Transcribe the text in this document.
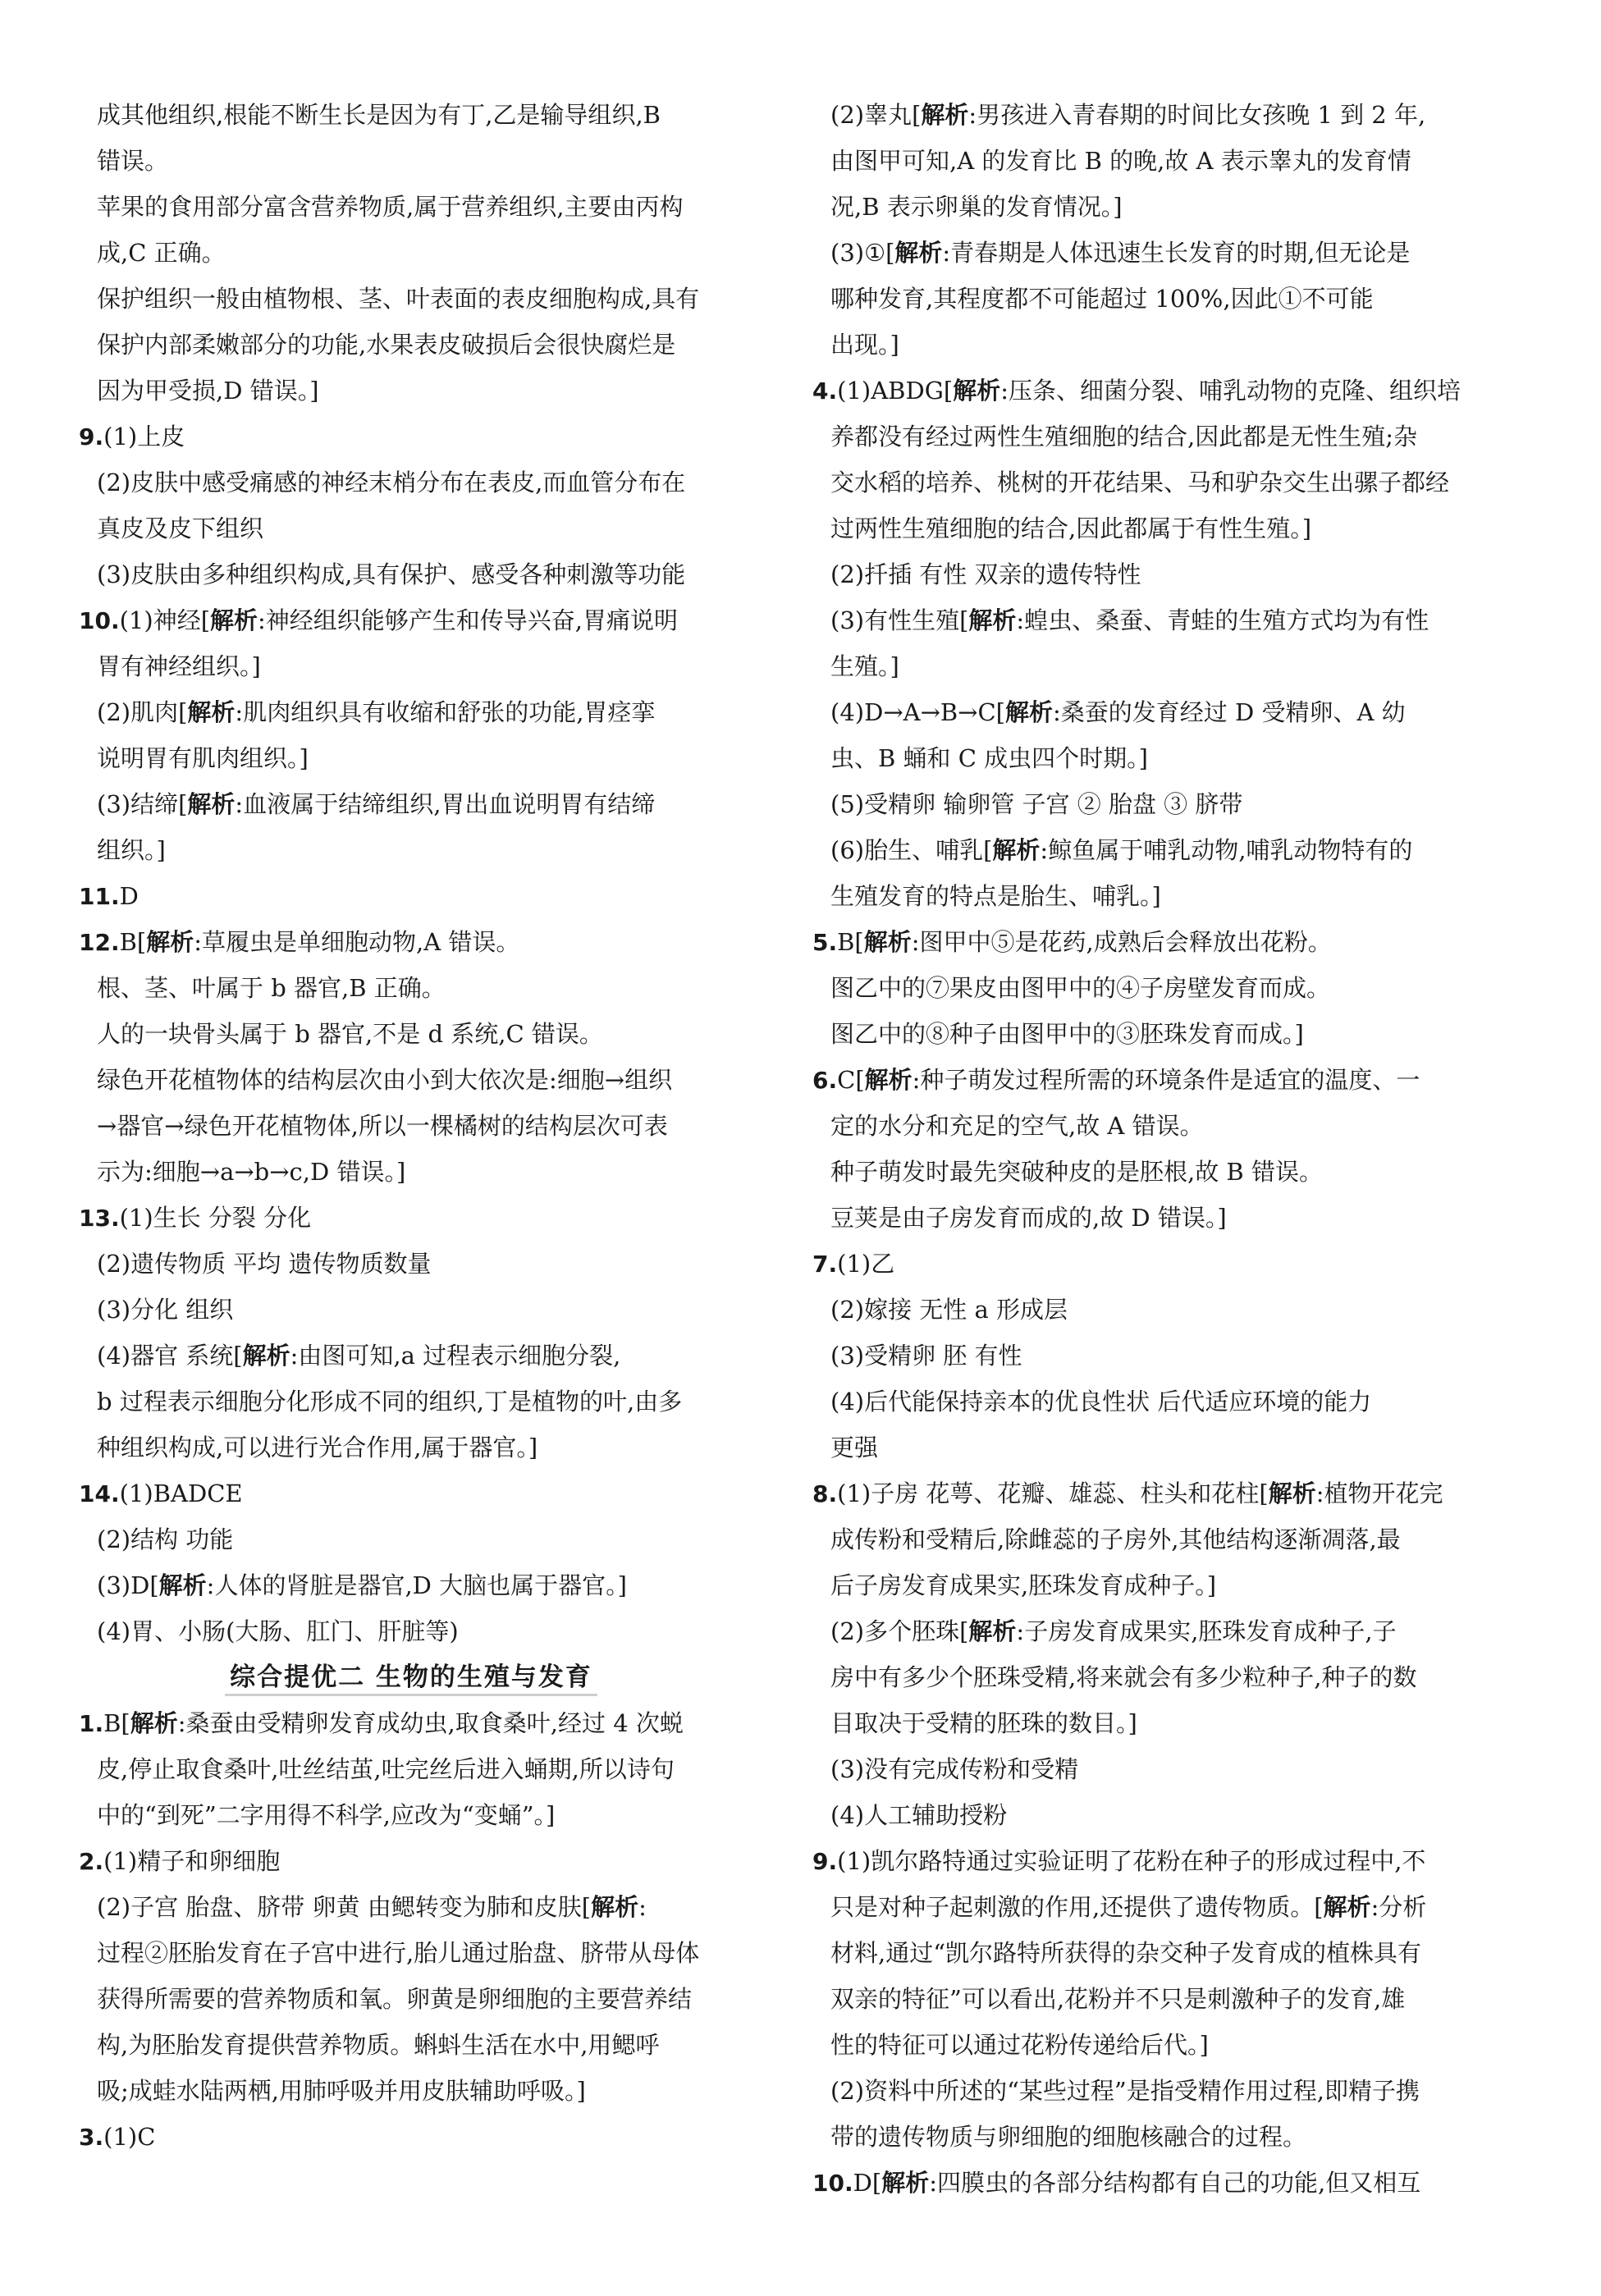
成其他组织,根能不断生长是因为有丁,乙是输导组织,B
错误。
苹果的食用部分富含营养物质,属于营养组织,主要由丙构
成,C 正确。
保护组织一般由植物根、茎、叶表面的表皮细胞构成,具有
保护内部柔嫩部分的功能,水果表皮破损后会很快腐烂是
因为甲受损,D 错误。]
9.(1)上皮
(2)皮肤中感受痛感的神经末梢分布在表皮,而血管分布在
真皮及皮下组织
(3)皮肤由多种组织构成,具有保护、感受各种刺激等功能
10.(1)神经[解析:神经组织能够产生和传导兴奋,胃痛说明
胃有神经组织。]
(2)肌肉[解析:肌肉组织具有收缩和舒张的功能,胃痉挛
说明胃有肌肉组织。]
(3)结缔[解析:血液属于结缔组织,胃出血说明胃有结缔
组织。]
11.D
12.B[解析:草履虫是单细胞动物,A 错误。
根、茎、叶属于 b 器官,B 正确。
人的一块骨头属于 b 器官,不是 d 系统,C 错误。
绿色开花植物体的结构层次由小到大依次是:细胞→组织
→器官→绿色开花植物体,所以一棵橘树的结构层次可表
示为:细胞→a→b→c,D 错误。]
13.(1)生长 分裂 分化
(2)遗传物质 平均 遗传物质数量
(3)分化 组织
(4)器官 系统[解析:由图可知,a 过程表示细胞分裂,
b 过程表示细胞分化形成不同的组织,丁是植物的叶,由多
种组织构成,可以进行光合作用,属于器官。]
14.(1)BADCE
(2)结构 功能
(3)D[解析:人体的肾脏是器官,D 大脑也属于器官。]
(4)胃、小肠(大肠、肛门、肝脏等)
综合提优二 生物的生殖与发育
1.B[解析:桑蚕由受精卵发育成幼虫,取食桑叶,经过 4 次蜕
皮,停止取食桑叶,吐丝结茧,吐完丝后进入蛹期,所以诗句
中的“到死”二字用得不科学,应改为“变蛹”。]
2.(1)精子和卵细胞
(2)子宫 胎盘、脐带 卵黄 由鳃转变为肺和皮肤[解析:
过程②胚胎发育在子宫中进行,胎儿通过胎盘、脐带从母体
获得所需要的营养物质和氧。卵黄是卵细胞的主要营养结
构,为胚胎发育提供营养物质。蝌蚪生活在水中,用鳃呼
吸;成蛙水陆两栖,用肺呼吸并用皮肤辅助呼吸。]
3.(1)C
(2)睾丸[解析:男孩进入青春期的时间比女孩晚 1 到 2 年,
由图甲可知,A 的发育比 B 的晚,故 A 表示睾丸的发育情
况,B 表示卵巢的发育情况。]
(3)①[解析:青春期是人体迅速生长发育的时期,但无论是
哪种发育,其程度都不可能超过 100%,因此①不可能
出现。]
4.(1)ABDG[解析:压条、细菌分裂、哺乳动物的克隆、组织培
养都没有经过两性生殖细胞的结合,因此都是无性生殖;杂
交水稻的培养、桃树的开花结果、马和驴杂交生出骡子都经
过两性生殖细胞的结合,因此都属于有性生殖。]
(2)扦插 有性 双亲的遗传特性
(3)有性生殖[解析:蝗虫、桑蚕、青蛙的生殖方式均为有性
生殖。]
(4)D→A→B→C[解析:桑蚕的发育经过 D 受精卵、A 幼
虫、B 蛹和 C 成虫四个时期。]
(5)受精卵 输卵管 子宫 ② 胎盘 ③ 脐带
(6)胎生、哺乳[解析:鲸鱼属于哺乳动物,哺乳动物特有的
生殖发育的特点是胎生、哺乳。]
5.B[解析:图甲中⑤是花药,成熟后会释放出花粉。
图乙中的⑦果皮由图甲中的④子房壁发育而成。
图乙中的⑧种子由图甲中的③胚珠发育而成。]
6.C[解析:种子萌发过程所需的环境条件是适宜的温度、一
定的水分和充足的空气,故 A 错误。
种子萌发时最先突破种皮的是胚根,故 B 错误。
豆荚是由子房发育而成的,故 D 错误。]
7.(1)乙
(2)嫁接 无性 a 形成层
(3)受精卵 胚 有性
(4)后代能保持亲本的优良性状 后代适应环境的能力
更强
8.(1)子房 花萼、花瓣、雄蕊、柱头和花柱[解析:植物开花完
成传粉和受精后,除雌蕊的子房外,其他结构逐渐凋落,最
后子房发育成果实,胚珠发育成种子。]
(2)多个胚珠[解析:子房发育成果实,胚珠发育成种子,子
房中有多少个胚珠受精,将来就会有多少粒种子,种子的数
目取决于受精的胚珠的数目。]
(3)没有完成传粉和受精
(4)人工辅助授粉
9.(1)凯尔路特通过实验证明了花粉在种子的形成过程中,不
只是对种子起刺激的作用,还提供了遗传物质。[解析:分析
材料,通过“凯尔路特所获得的杂交种子发育成的植株具有
双亲的特征”可以看出,花粉并不只是刺激种子的发育,雄
性的特征可以通过花粉传递给后代。]
(2)资料中所述的“某些过程”是指受精作用过程,即精子携
带的遗传物质与卵细胞的细胞核融合的过程。
10.D[解析:四膜虫的各部分结构都有自己的功能,但又相互
